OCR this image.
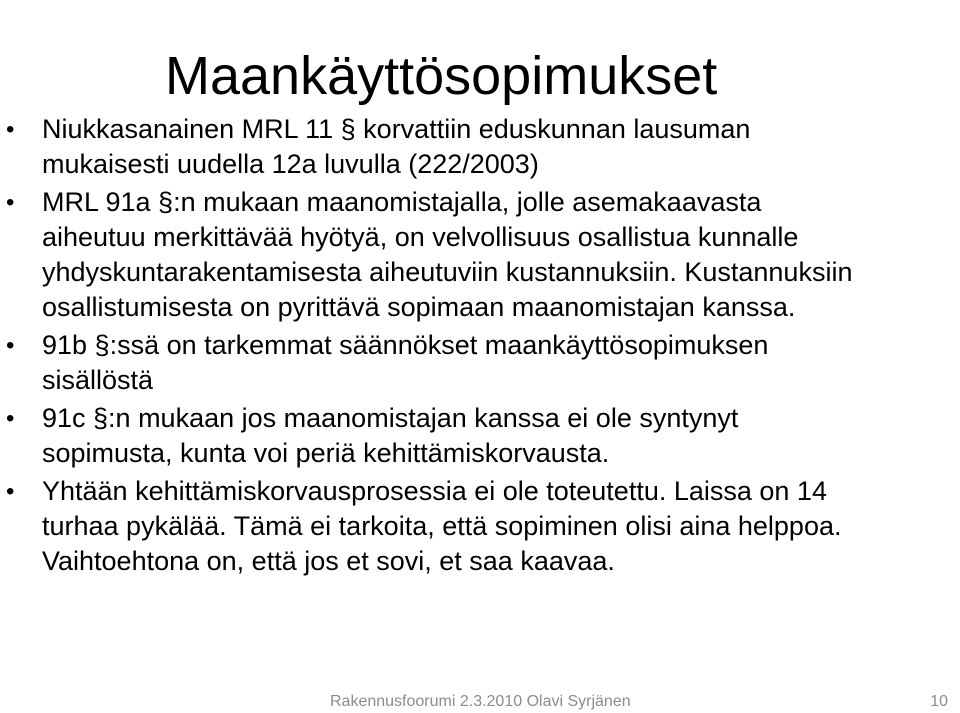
Maankäyttösopimukset
• Niukkasanainen MRL 11 § korvattiin eduskunnan lausuman
mukaisesti uudella 12a luvulla (222/2003)
• MRL 91a §:n mukaan maanomistajalla, jolle asemakaavasta
aiheutuu merkittävää hyötyä, on velvollisuus osallistua kunnalle
yhdyskuntarakentamisesta aiheutuviin kustannuksiin. Kustannuksiin
osallistumisesta on pyrittävä sopimaan maanomistajan kanssa.
• 91b §:ssä on tarkemmat säännökset maankäyttösopimuksen
sisällöstä
• 91c §:n mukaan jos maanomistajan kanssa ei ole syntynyt
sopimusta, kunta voi periä kehittämiskorvausta.
• Yhtään kehittämiskorvausprosessia ei ole toteutettu. Laissa on 14
turhaa pykälää. Tämä ei tarkoita, että sopiminen olisi aina helppoa.
Vaihtoehtona on, että jos et sovi, et saa kaavaa.
Rakennusfoorumi 2.3.2010 Olavi Syrjänen	10
